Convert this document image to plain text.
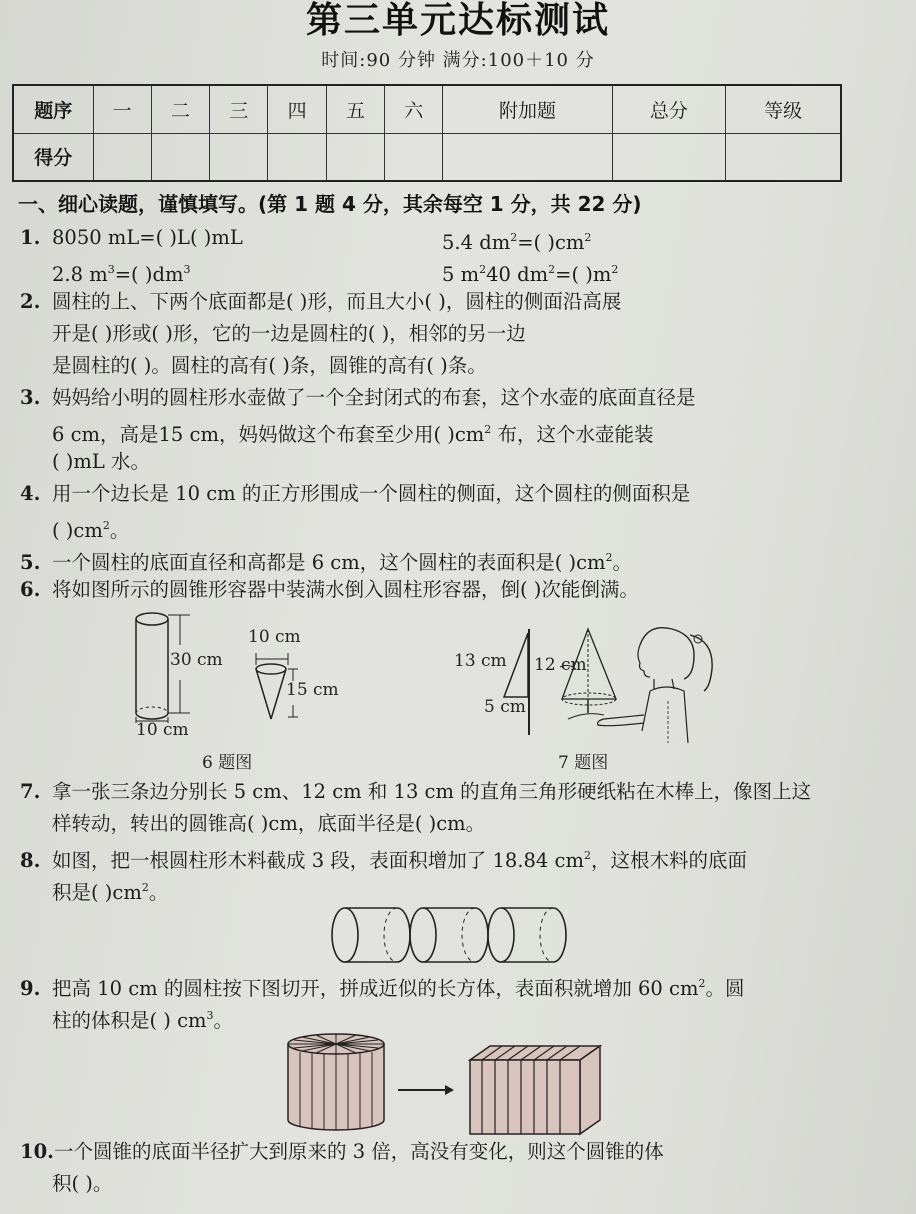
第三单元达标测试
时间:90 分钟 满分:100＋10 分
题序	一	二	三	四	五	六	附加题	总分	等级
得分									
一、细心读题，谨慎填写。(第 1 题 4 分，其余每空 1 分，共 22 分)
1. 8050 mL=( )L( )mL	5.4 $dm^2=$( )$cm^2$
2.8 $m^3=$( )$dm^3$	5 $m^240$ $dm^2=$( )$m^2$
2. 圆柱的上、下两个底面都是( )形，而且大小( )，圆柱的侧面沿高展
开是( )形或( )形，它的一边是圆柱的( )，相邻的另一边
是圆柱的( )。圆柱的高有( )条，圆锥的高有( )条。
3. 妈妈给小明的圆柱形水壶做了一个全封闭式的布套，这个水壶的底面直径是
6 cm，高是15 cm，妈妈做这个布套至少用( )$cm^2$ 布，这个水壶能装
( )mL 水。
4. 用一个边长是 10 cm 的正方形围成一个圆柱的侧面，这个圆柱的侧面积是
( )$cm^2$。
5. 一个圆柱的底面直径和高都是 6 cm，这个圆柱的表面积是( )$cm^2$。
6. 将如图所示的圆锥形容器中装满水倒入圆柱形容器，倒( )次能倒满。
30 cm
10 cm
10 cm
15 cm
6 题图
13 cm 12 cm
5 cm
7 题图
7. 拿一张三条边分别长 5 cm、12 cm 和 13 cm 的直角三角形硬纸粘在木棒上，像图上这
样转动，转出的圆锥高( )cm，底面半径是( )cm。
8. 如图，把一根圆柱形木料截成 3 段，表面积增加了 18.84 $cm^2$，这根木料的底面
积是( )$cm^2$。
9. 把高 10 cm 的圆柱按下图切开，拼成近似的长方体，表面积就增加 60 $cm^2$。圆
柱的体积是( ) $cm^3$。
10.一个圆锥的底面半径扩大到原来的 3 倍，高没有变化，则这个圆锥的体
积( )。
